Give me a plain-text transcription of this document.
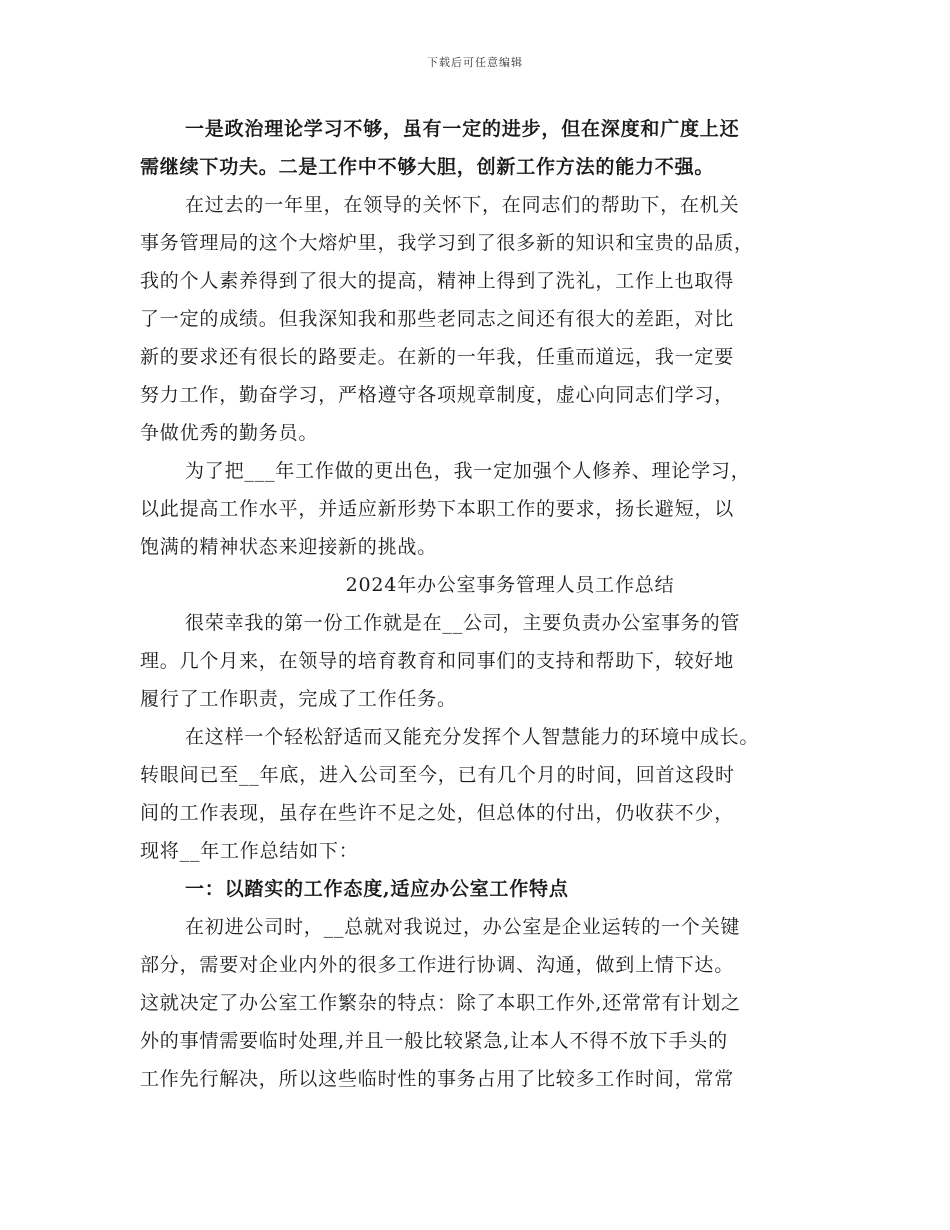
下载后可任意编辑
一是政治理论学习不够，虽有一定的进步，但在深度和广度上还
需继续下功夫。二是工作中不够大胆，创新工作方法的能力不强。
在过去的一年里，在领导的关怀下，在同志们的帮助下，在机关
事务管理局的这个大熔炉里，我学习到了很多新的知识和宝贵的品质，
我的个人素养得到了很大的提高，精神上得到了洗礼，工作上也取得
了一定的成绩。但我深知我和那些老同志之间还有很大的差距，对比
新的要求还有很长的路要走。在新的一年我，任重而道远，我一定要
努力工作，勤奋学习，严格遵守各项规章制度，虚心向同志们学习，
争做优秀的勤务员。
为了把___年工作做的更出色，我一定加强个人修养、理论学习，
以此提高工作水平，并适应新形势下本职工作的要求，扬长避短，以
饱满的精神状态来迎接新的挑战。
2024年办公室事务管理人员工作总结
很荣幸我的第一份工作就是在__公司，主要负责办公室事务的管
理。几个月来，在领导的培育教育和同事们的支持和帮助下，较好地
履行了工作职责，完成了工作任务。
在这样一个轻松舒适而又能充分发挥个人智慧能力的环境中成长。
转眼间已至__年底，进入公司至今，已有几个月的时间，回首这段时
间的工作表现，虽存在些许不足之处，但总体的付出，仍收获不少，
现将__年工作总结如下：
一：以踏实的工作态度,适应办公室工作特点
在初进公司时，__总就对我说过，办公室是企业运转的一个关键
部分，需要对企业内外的很多工作进行协调、沟通，做到上情下达。
这就决定了办公室工作繁杂的特点：除了本职工作外,还常常有计划之
外的事情需要临时处理,并且一般比较紧急,让本人不得不放下手头的
工作先行解决，所以这些临时性的事务占用了比较多工作时间，常常
